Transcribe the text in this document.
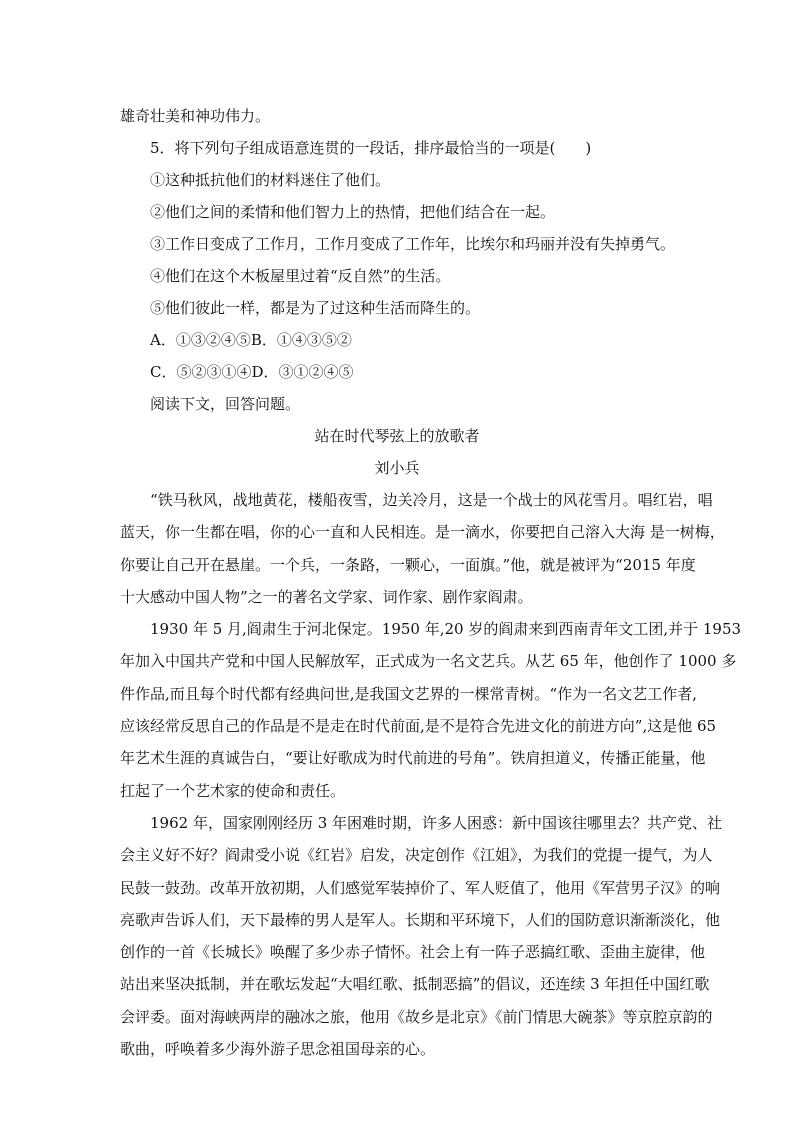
雄奇壮美和神功伟力。

5．将下列句子组成语意连贯的一段话，排序最恰当的一项是(　　)

①这种抵抗他们的材料迷住了他们。

②他们之间的柔情和他们智力上的热情，把他们结合在一起。

③工作日变成了工作月，工作月变成了工作年，比埃尔和玛丽并没有失掉勇气。

④他们在这个木板屋里过着“反自然”的生活。

⑤他们彼此一样，都是为了过这种生活而降生的。

A．①③②④⑤B．①④③⑤②

C．⑤②③①④D．③①②④⑤

阅读下文，回答问题。

站在时代琴弦上的放歌者

刘小兵

“铁马秋风，战地黄花，楼船夜雪，边关冷月，这是一个战士的风花雪月。唱红岩，唱

蓝天，你一生都在唱，你的心一直和人民相连。是一滴水，你要把自己溶入大海 是一树梅，

你要让自己开在悬崖。一个兵，一条路，一颗心，一面旗。”他，就是被评为“2015 年度

十大感动中国人物”之一的著名文学家、词作家、剧作家阎肃。

1930 年 5 月,阎肃生于河北保定。1950 年,20 岁的阎肃来到西南青年文工团,并于 1953

年加入中国共产党和中国人民解放军，正式成为一名文艺兵。从艺 65 年，他创作了 1000 多

件作品,而且每个时代都有经典问世,是我国文艺界的一棵常青树。“作为一名文艺工作者,

应该经常反思自己的作品是不是走在时代前面,是不是符合先进文化的前进方向”,这是他 65

年艺术生涯的真诚告白，“要让好歌成为时代前进的号角”。铁肩担道义，传播正能量，他

扛起了一个艺术家的使命和责任。

1962 年，国家刚刚经历 3 年困难时期，许多人困惑：新中国该往哪里去？共产党、社

会主义好不好？阎肃受小说《红岩》启发，决定创作《江姐》，为我们的党提一提气，为人

民鼓一鼓劲。改革开放初期，人们感觉军装掉价了、军人贬值了，他用《军营男子汉》的响

亮歌声告诉人们，天下最棒的男人是军人。长期和平环境下，人们的国防意识渐渐淡化，他

创作的一首《长城长》唤醒了多少赤子情怀。社会上有一阵子恶搞红歌、歪曲主旋律，他

站出来坚决抵制，并在歌坛发起“大唱红歌、抵制恶搞”的倡议，还连续 3 年担任中国红歌

会评委。面对海峡两岸的融冰之旅，他用《故乡是北京》《前门情思大碗茶》等京腔京韵的

歌曲，呼唤着多少海外游子思念祖国母亲的心。
